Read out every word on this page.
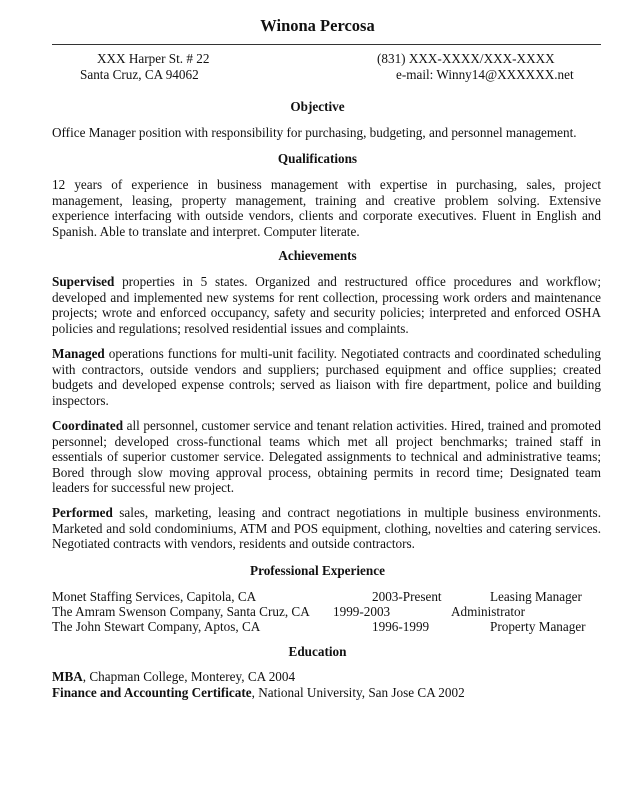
Winona Percosa
XXX Harper St. # 22
Santa Cruz, CA 94062
(831) XXX-XXXX/XXX-XXXX
e-mail: Winny14@XXXXXX.net
Objective
Office Manager position with responsibility for purchasing, budgeting, and personnel management.
Qualifications
12 years of experience in business management with expertise in purchasing, sales, project management, leasing, property management, training and creative problem solving. Extensive experience interfacing with outside vendors, clients and corporate executives. Fluent in English and Spanish. Able to translate and interpret. Computer literate.
Achievements
Supervised properties in 5 states. Organized and restructured office procedures and workflow; developed and implemented new systems for rent collection, processing work orders and maintenance projects; wrote and enforced occupancy, safety and security policies; interpreted and enforced OSHA policies and regulations; resolved residential issues and complaints.
Managed operations functions for multi-unit facility. Negotiated contracts and coordinated scheduling with contractors, outside vendors and suppliers; purchased equipment and office supplies; created budgets and developed expense controls; served as liaison with fire department, police and building inspectors.
Coordinated all personnel, customer service and tenant relation activities. Hired, trained and promoted personnel; developed cross-functional teams which met all project benchmarks; trained staff in essentials of superior customer service. Delegated assignments to technical and administrative teams; Bored through slow moving approval process, obtaining permits in record time; Designated team leaders for successful new project.
Performed sales, marketing, leasing and contract negotiations in multiple business environments. Marketed and sold condominiums, ATM and POS equipment, clothing, novelties and catering services. Negotiated contracts with vendors, residents and outside contractors.
Professional Experience
Monet Staffing Services, Capitola, CA	2003-Present	Leasing Manager
The Amram Swenson Company, Santa Cruz, CA 1999-2003	Administrator
The John Stewart Company, Aptos, CA	1996-1999	Property Manager
Education
MBA, Chapman College, Monterey, CA 2004
Finance and Accounting Certificate, National University, San Jose CA 2002
